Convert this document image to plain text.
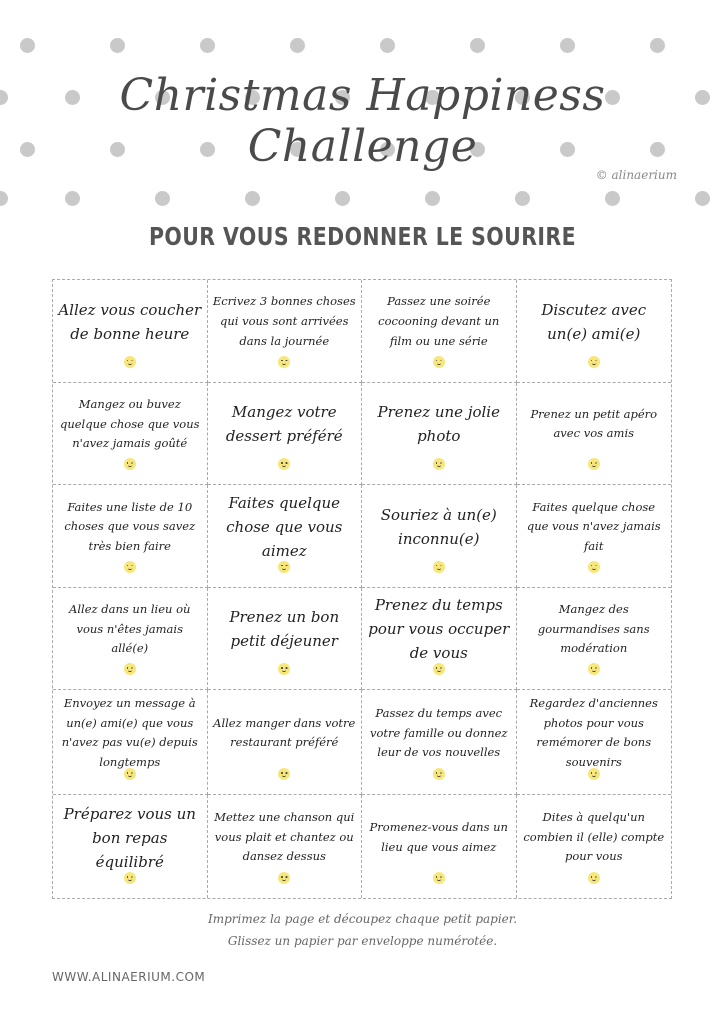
Christmas Happiness Challenge
© alinaerium
POUR VOUS REDONNER LE SOURIRE
Allez vous coucher de bonne heure
Ecrivez 3 bonnes choses qui vous sont arrivées dans la journée
Passez une soirée cocooning devant un film ou une série
Discutez avec un(e) ami(e)
Mangez ou buvez quelque chose que vous n'avez jamais goûté
Mangez votre dessert préféré
Prenez une jolie photo
Prenez un petit apéro avec vos amis
Faites une liste de 10 choses que vous savez très bien faire
Faites quelque chose que vous aimez
Souriez à un(e) inconnu(e)
Faites quelque chose que vous n'avez jamais fait
Allez dans un lieu où vous n'êtes jamais allé(e)
Prenez un bon petit déjeuner
Prenez du temps pour vous occuper de vous
Mangez des gourmandises sans modération
Envoyez un message à un(e) ami(e) que vous n'avez pas vu(e) depuis longtemps
Allez manger dans votre restaurant préféré
Passez du temps avec votre famille ou donnez leur de vos nouvelles
Regardez d'anciennes photos pour vous remémorer de bons souvenirs
Préparez vous un bon repas équilibré
Mettez une chanson qui vous plait et chantez ou dansez dessus
Promenez-vous dans un lieu que vous aimez
Dites à quelqu'un combien il (elle) compte pour vous
Imprimez la page et découpez chaque petit papier.
Glissez un papier par enveloppe numérotée.
WWW.ALINAERIUM.COM
